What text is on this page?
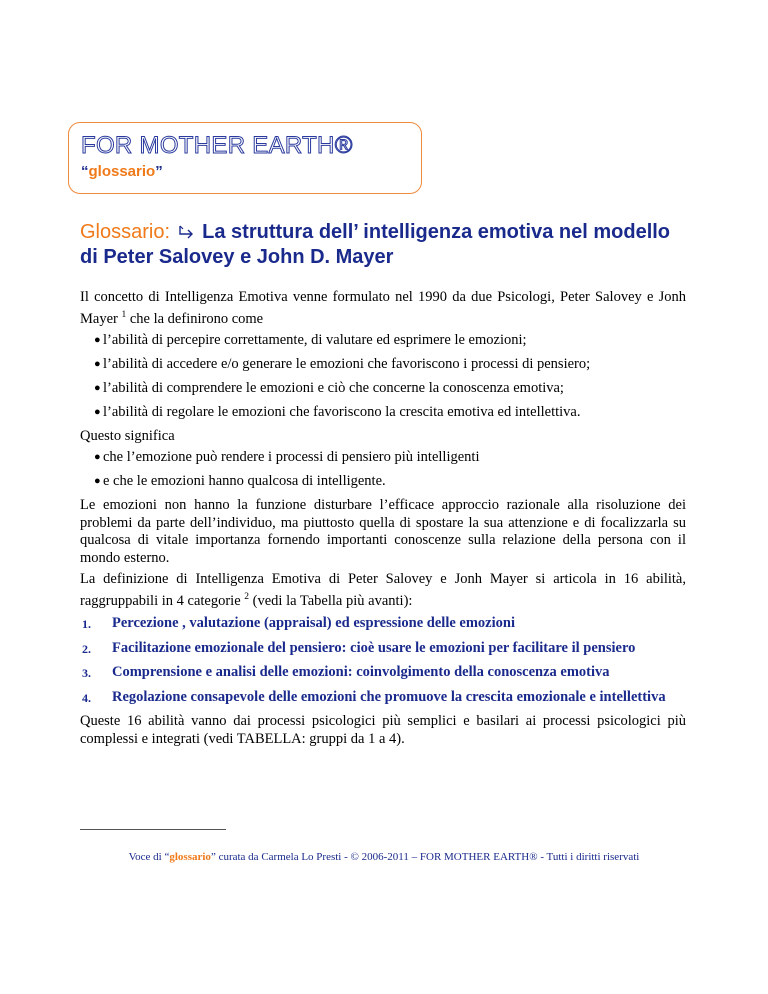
FOR MOTHER EARTH®
“glossario”
Glossario: La struttura dell’ intelligenza emotiva nel modello di Peter Salovey e John D. Mayer

Il concetto di Intelligenza Emotiva venne formulato nel 1990 da due Psicologi, Peter Salovey e Jonh Mayer $^1$ che la definirono come

● l’abilità di percepire correttamente, di valutare ed esprimere le emozioni;
● l’abilità di accedere e/o generare le emozioni che favoriscono i processi di pensiero;
● l’abilità di comprendere le emozioni e ciò che concerne la conoscenza emotiva;
● l’abilità di regolare le emozioni che favoriscono la crescita emotiva ed intellettiva.

Questo significa

● che l’emozione può rendere i processi di pensiero più intelligenti
● e che le emozioni hanno qualcosa di intelligente.

Le emozioni non hanno la funzione disturbare l’efficace approccio razionale alla risoluzione dei problemi da parte dell’individuo, ma piuttosto quella di spostare la sua attenzione e di focalizzarla su qualcosa di vitale importanza fornendo importanti conoscenze sulla relazione della persona con il mondo esterno.

La definizione di Intelligenza Emotiva di Peter Salovey e Jonh Mayer si articola in 16 abilità, raggruppabili in 4 categorie $^2$ (vedi la Tabella più avanti):

1. Percezione , valutazione (appraisal) ed espressione delle emozioni
2. Facilitazione emozionale del pensiero: cioè usare le emozioni per facilitare il pensiero
3. Comprensione e analisi delle emozioni: coinvolgimento della conoscenza emotiva
4. Regolazione consapevole delle emozioni che promuove la crescita emozionale e intellettiva

Queste 16 abilità vanno dai processi psicologici più semplici e basilari ai processi psicologici più complessi e integrati (vedi TABELLA: gruppi da 1 a 4).

Voce di “glossario” curata da Carmela Lo Presti - © 2006-2011 – FOR MOTHER EARTH® - Tutti i diritti riservati
